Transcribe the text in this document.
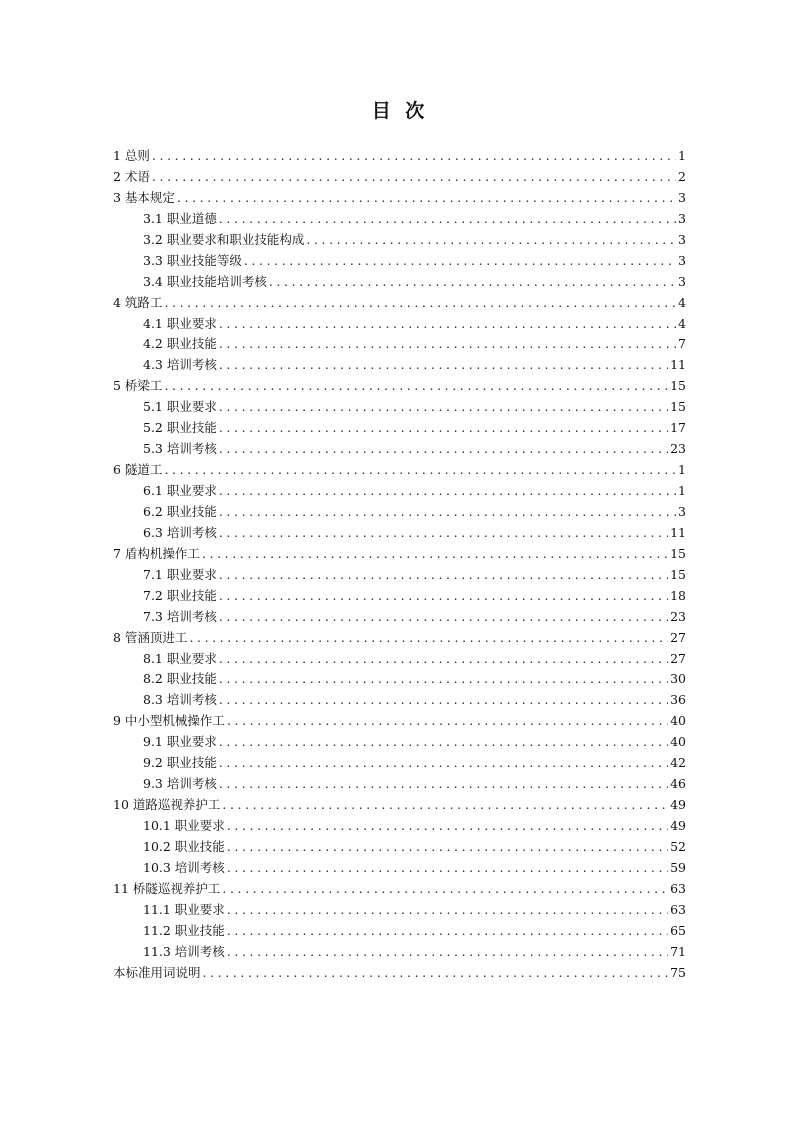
目 次
1 总则 .....	1
2 术语 .....	2
3 基本规定 .....	3
3.1 职业道德 .....	3
3.2 职业要求和职业技能构成 .....	3
3.3 职业技能等级 .....	3
3.4 职业技能培训考核 .....	3
4 筑路工 .....	4
4.1 职业要求 .....	4
4.2 职业技能 .....	7
4.3 培训考核 .....	11
5 桥梁工 .....	15
5.1 职业要求 .....	15
5.2 职业技能 .....	17
5.3 培训考核 .....	23
6 隧道工 .....	1
6.1 职业要求 .....	1
6.2 职业技能 .....	3
6.3 培训考核 .....	11
7 盾构机操作工 .....	15
7.1 职业要求 .....	15
7.2 职业技能 .....	18
7.3 培训考核 .....	23
8 管涵顶进工 .....	27
8.1 职业要求 .....	27
8.2 职业技能 .....	30
8.3 培训考核 .....	36
9 中小型机械操作工 .....	40
9.1 职业要求 .....	40
9.2 职业技能 .....	42
9.3 培训考核 .....	46
10 道路巡视养护工 .....	49
10.1 职业要求 .....	49
10.2 职业技能 .....	52
10.3 培训考核 .....	59
11 桥隧巡视养护工 .....	63
11.1 职业要求 .....	63
11.2 职业技能 .....	65
11.3 培训考核 .....	71
本标准用词说明 .....	75
